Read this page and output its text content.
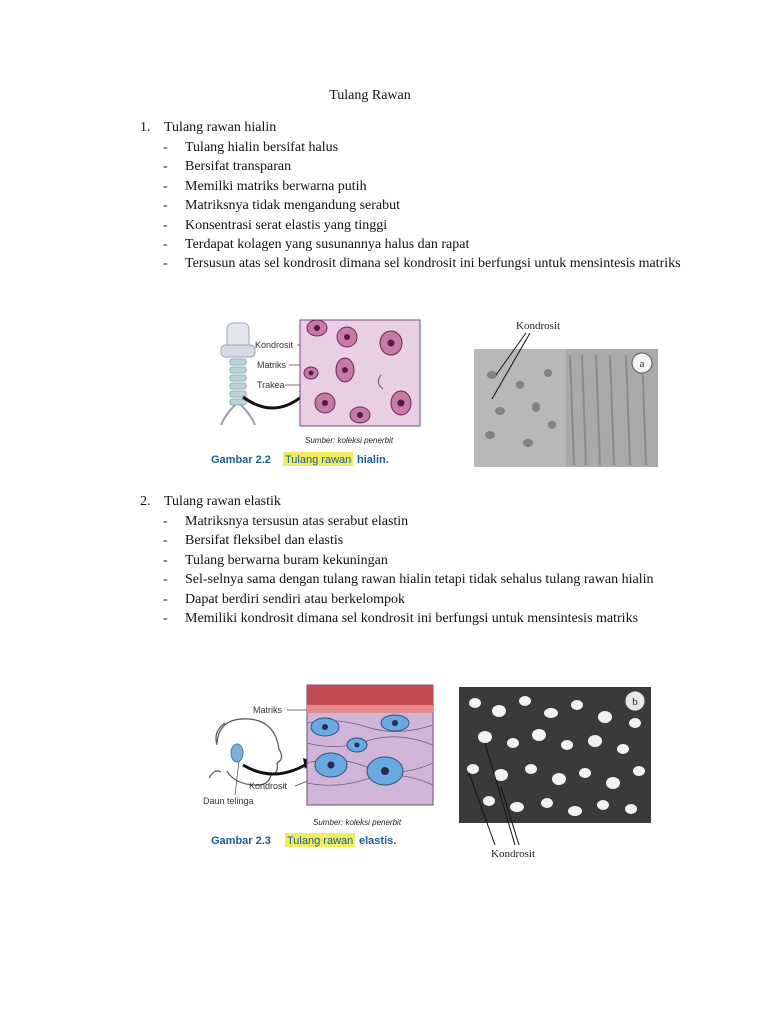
Tulang Rawan
1. Tulang rawan hialin
- Tulang hialin bersifat halus
- Bersifat transparan
- Memilki matriks berwarna putih
- Matriksnya tidak mengandung serabut
- Konsentrasi serat elastis yang tinggi
- Terdapat kolagen yang susunannya halus dan rapat
- Tersusun atas sel kondrosit dimana sel kondrosit ini berfungsi untuk mensintesis matriks
Kondrosit
Matriks
Trakea
Sumber: koleksi penerbit
Gambar 2.2 Tulang rawan hialin.
Kondrosit
a
2. Tulang rawan elastik
- Matriksnya tersusun atas serabut elastin
- Bersifat fleksibel dan elastis
- Tulang berwarna buram kekuningan
- Sel-selnya sama dengan tulang rawan hialin tetapi tidak sehalus tulang rawan hialin
- Dapat berdiri sendiri atau berkelompok
- Memiliki kondrosit dimana sel kondrosit ini berfungsi untuk mensintesis matriks
Matriks
Kondrosit
Daun telinga
Sumber: koleksi penerbit
Gambar 2.3 Tulang rawan elastis.
b
Kondrosit
